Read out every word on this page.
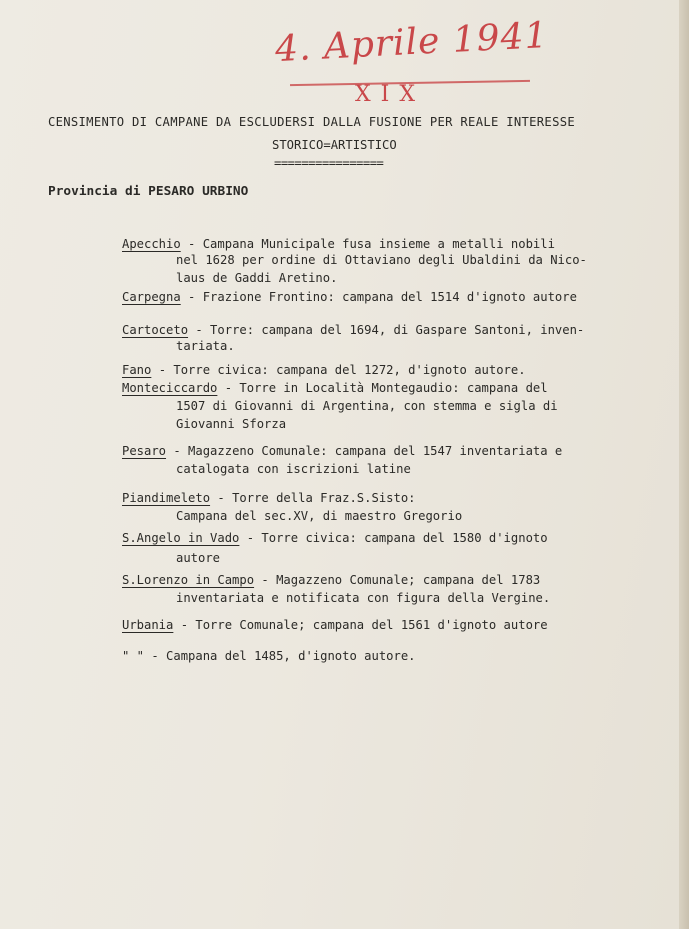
4. Aprile 1941
XIX
CENSIMENTO DI CAMPANE DA ESCLUDERSI DALLA FUSIONE PER REALE INTERESSE
STORICO=ARTISTICO
================
Provincia di PESARO URBINO
Apecchio - Campana Municipale fusa insieme a metalli nobili
nel 1628 per ordine di Ottaviano degli Ubaldini da Nico-
laus de Gaddi Aretino.
Carpegna - Frazione Frontino: campana del 1514 d'ignoto autore
Cartoceto - Torre: campana del 1694, di Gaspare Santoni, inven-
tariata.
Fano - Torre civica: campana del 1272, d'ignoto autore.
Monteciccardo - Torre in Località Montegaudio: campana del
1507 di Giovanni di Argentina, con stemma e sigla di
Giovanni Sforza
Pesaro - Magazzeno Comunale: campana del 1547 inventariata e
catalogata con iscrizioni latine
Piandimeleto - Torre della Fraz.S.Sisto:
Campana del sec.XV, di maestro Gregorio
S.Angelo in Vado - Torre civica: campana del 1580 d'ignoto
autore
S.Lorenzo in Campo - Magazzeno Comunale; campana del 1783
inventariata e notificata con figura della Vergine.
Urbania - Torre Comunale; campana del 1561 d'ignoto autore
" " - Campana del 1485, d'ignoto autore.
